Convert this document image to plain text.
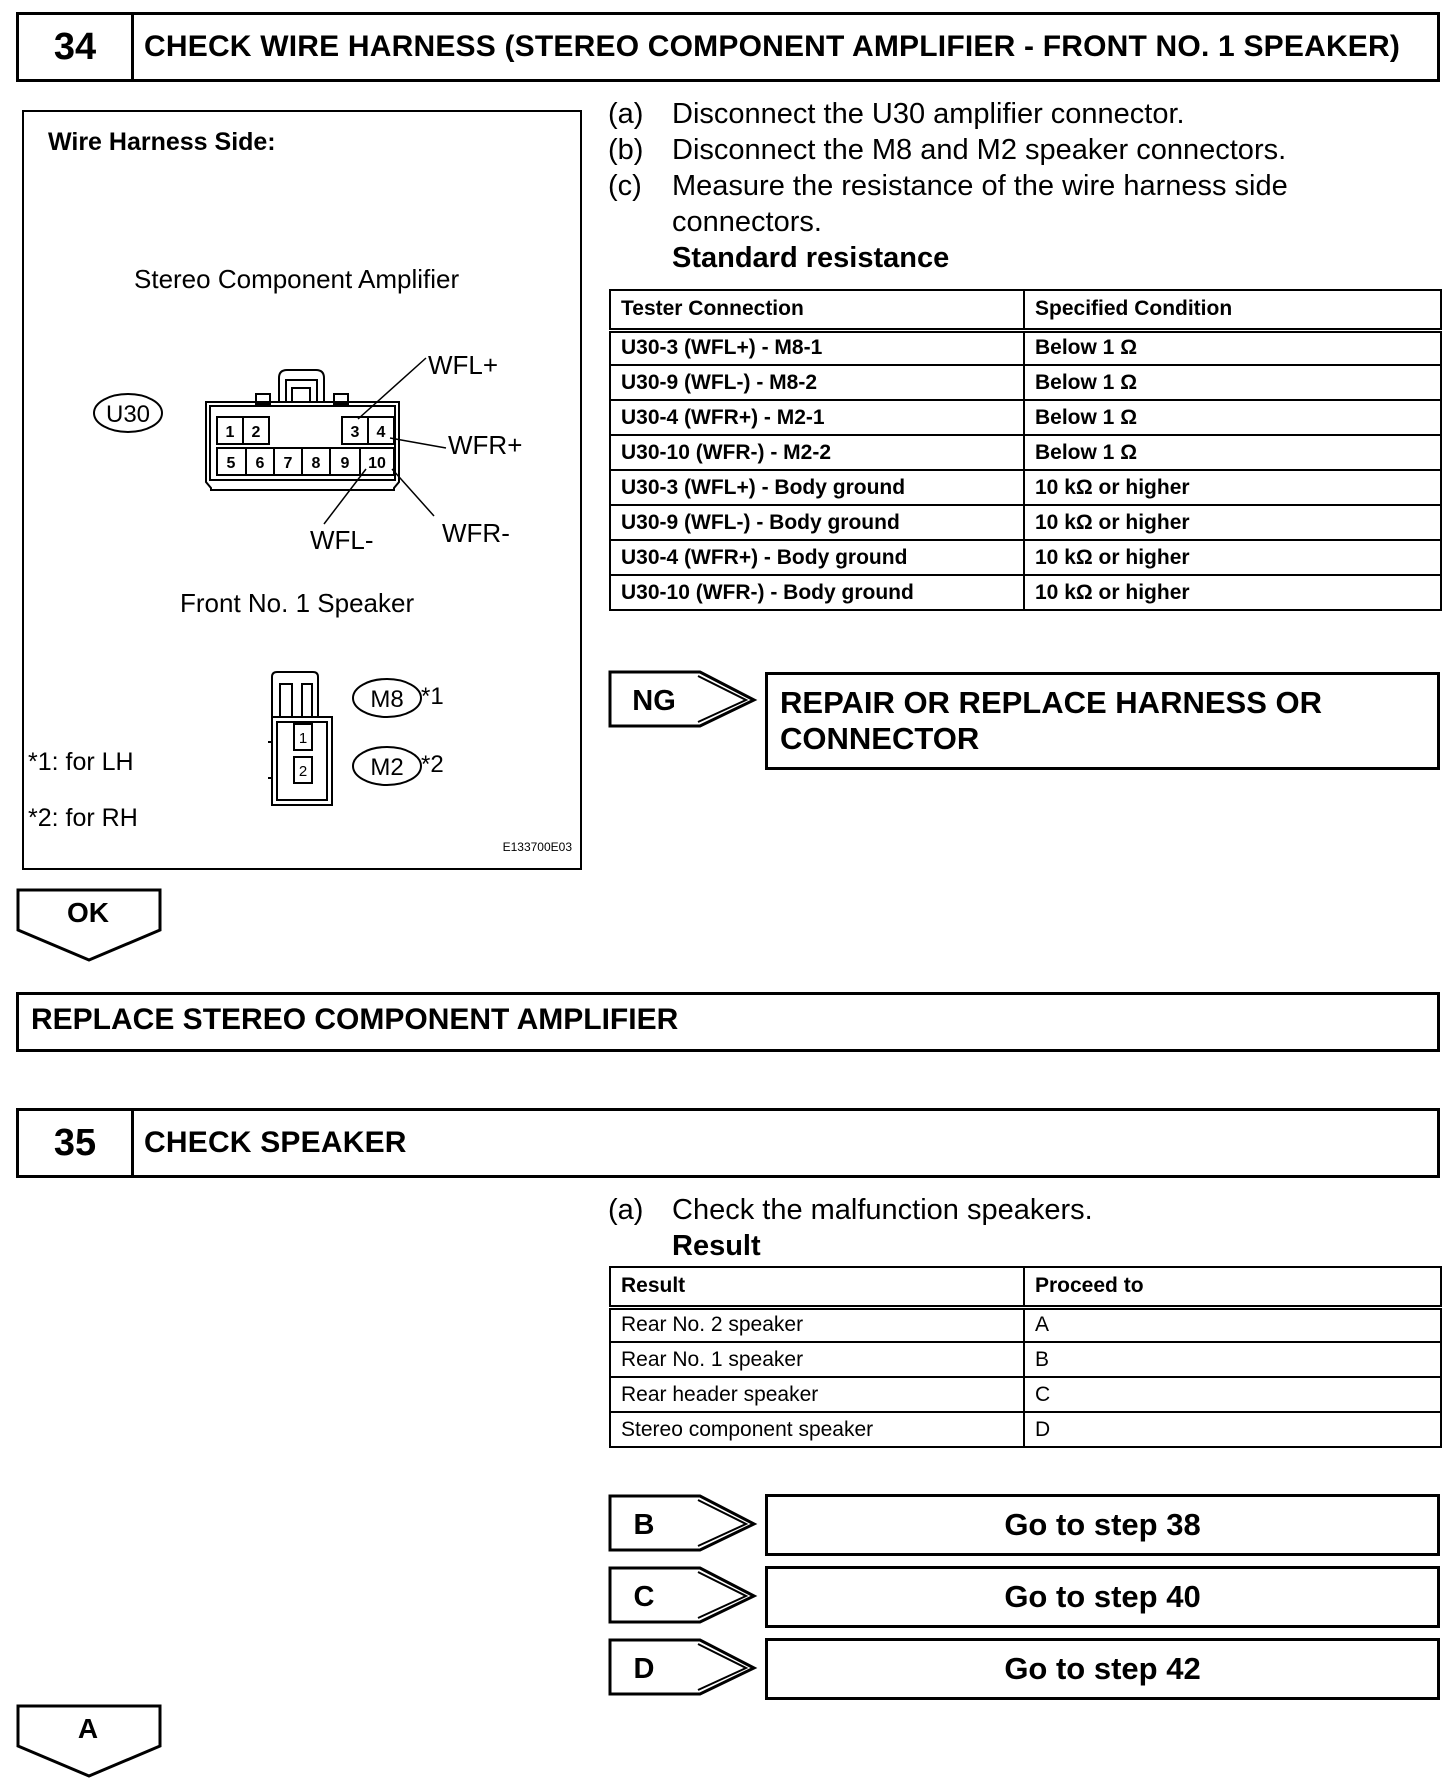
34	CHECK WIRE HARNESS (STEREO COMPONENT AMPLIFIER - FRONT NO. 1 SPEAKER)
Wire Harness Side:
Stereo Component Amplifier
U30
1 2	3 4
5 6 7 8 9 10
WFL+
WFR+
WFL-	WFR-
1
2
M8 *1
M2 *2
Front No. 1 Speaker
*1: for LH
*2: for RH
E133700E03
(a) Disconnect the U30 amplifier connector.
(b) Disconnect the M8 and M2 speaker connectors.
(c)	Measure the resistance of the wire harness side connectors.
Standard resistance
Tester Connection	Specified Condition
U30-3 (WFL+) - M8-1	Below 1 Ω
U30-9 (WFL-) - M8-2	Below 1 Ω
U30-4 (WFR+) - M2-1	Below 1 Ω
U30-10 (WFR-) - M2-2	Below 1 Ω
U30-3 (WFL+) - Body ground	10 kΩ or higher
U30-9 (WFL-) - Body ground	10 kΩ or higher
U30-4 (WFR+) - Body ground	10 kΩ or higher
U30-10 (WFR-) - Body ground	10 kΩ or higher
NG	REPAIR OR REPLACE HARNESS OR CONNECTOR
OK
REPLACE STEREO COMPONENT AMPLIFIER
35	CHECK SPEAKER
(a) Check the malfunction speakers.
Result
Result	Proceed to
Rear No. 2 speaker	A
Rear No. 1 speaker	B
Rear header speaker	C
Stereo component speaker	D
B	Go to step 38
C	Go to step 40
D	Go to step 42
A
